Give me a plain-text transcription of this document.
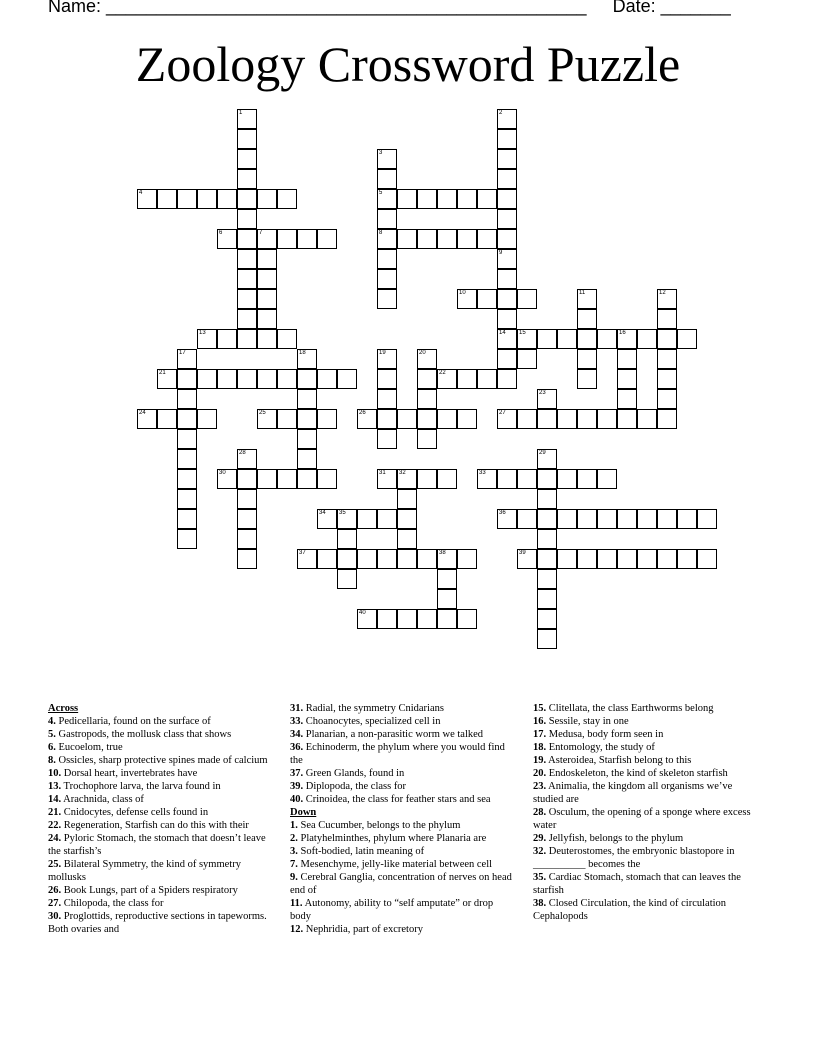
Name: ________________________________________________ Date: _______
Zoology Crossword Puzzle
4	5
6	7	8
10
13	14 15	16
21	22
24	25	26	27
30	31 32	33
34 35	36
37	38	39
40
1	2
3
9
11	12
17	18	19	20
23
28	29

Across

4. Pedicellaria, found on the surface of

5. Gastropods, the mollusk class that shows

6. Eucoelom, true

8. Ossicles, sharp protective spines made of calcium

10. Dorsal heart, invertebrates have

13. Trochophore larva, the larva found in

14. Arachnida, class of

21. Cnidocytes, defense cells found in

22. Regeneration, Starfish can do this with their

24. Pyloric Stomach, the stomach that doesn’t leave the starfish’s

25. Bilateral Symmetry, the kind of symmetry mollusks

26. Book Lungs, part of a Spiders respiratory

27. Chilopoda, the class for

30. Proglottids, reproductive sections in tapeworms. Both ovaries and

31. Radial, the symmetry Cnidarians

33. Choanocytes, specialized cell in

34. Planarian, a non-parasitic worm we talked

36. Echinoderm, the phylum where you would find the

37. Green Glands, found in

39. Diplopoda, the class for

40. Crinoidea, the class for feather stars and sea

Down

1. Sea Cucumber, belongs to the phylum

2. Platyhelminthes, phylum where Planaria are

3. Soft-bodied, latin meaning of

7. Mesenchyme, jelly-like material between cell

9. Cerebral Ganglia, concentration of nerves on head end of

11. Autonomy, ability to “self amputate” or drop body

12. Nephridia, part of excretory

15. Clitellata, the class Earthworms belong

16. Sessile, stay in one

17. Medusa, body form seen in

18. Entomology, the study of

19. Asteroidea, Starfish belong to this

20. Endoskeleton, the kind of skeleton starfish

23. Animalia, the kingdom all organisms we’ve studied are

28. Osculum, the opening of a sponge where excess water

29. Jellyfish, belongs to the phylum

32. Deuterostomes, the embryonic blastopore in __________ becomes the

35. Cardiac Stomach, stomach that can leaves the starfish

38. Closed Circulation, the kind of circulation Cephalopods
